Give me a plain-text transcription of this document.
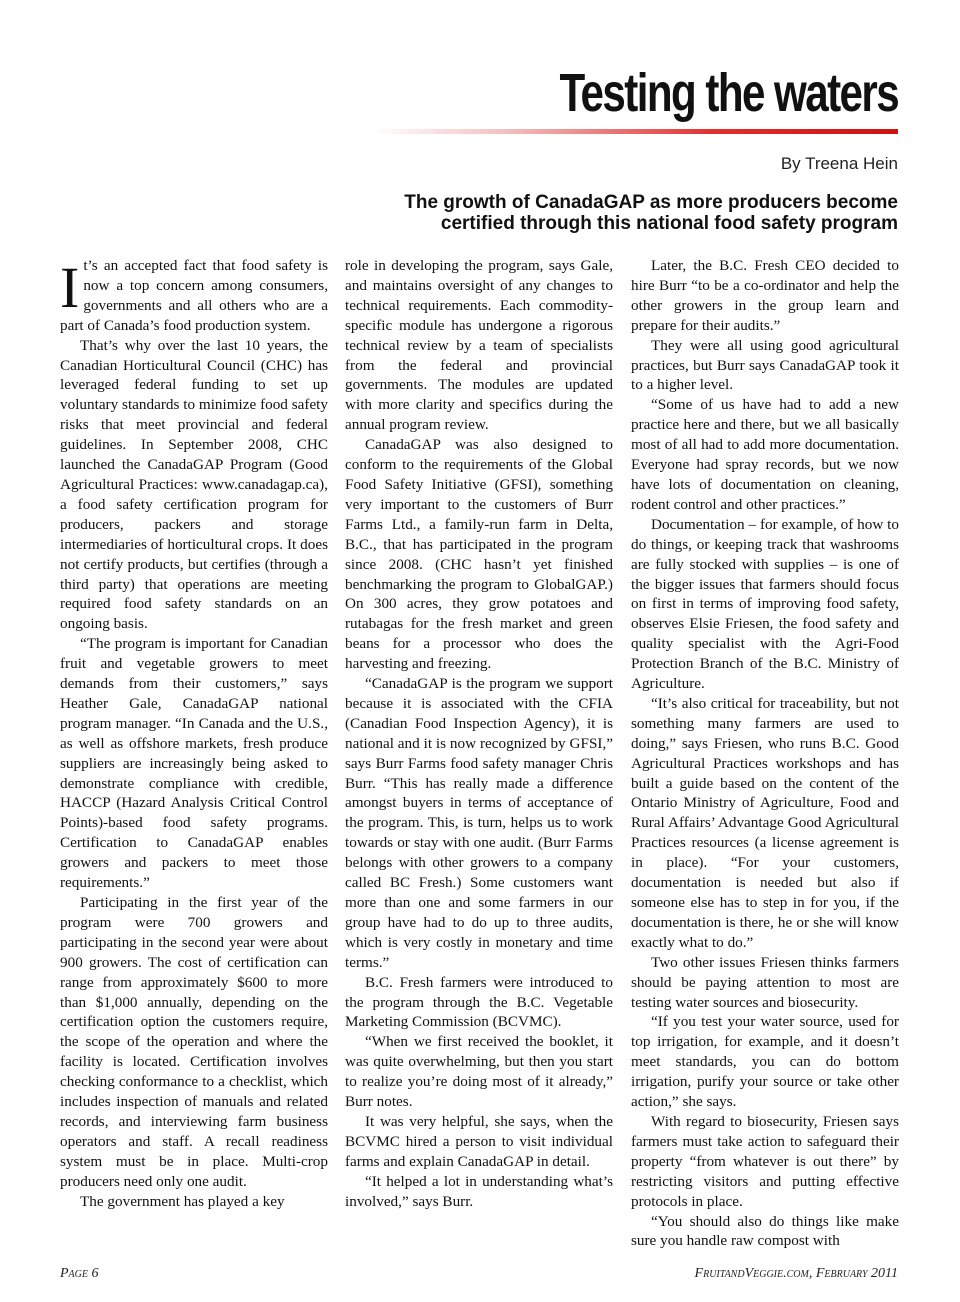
Testing the waters
By Treena Hein
The growth of CanadaGAP as more producers become certified through this national food safety program

It’s an accepted fact that food safety is now a top concern among consumers, governments and all others who are a part of Canada’s food production system.

That’s why over the last 10 years, the Canadian Horticultural Council (CHC) has leveraged federal funding to set up voluntary standards to minimize food safety risks that meet provincial and federal guidelines. In September 2008, CHC launched the CanadaGAP Program (Good Agricultural Practices: www.canadagap.ca), a food safety certification program for producers, packers and storage intermediaries of horticultural crops. It does not certify products, but certifies (through a third party) that operations are meeting required food safety standards on an ongoing basis.

“The program is important for Canadian fruit and vegetable growers to meet demands from their customers,” says Heather Gale, CanadaGAP national program manager. “In Canada and the U.S., as well as offshore markets, fresh produce suppliers are increasingly being asked to demonstrate compliance with credible, HACCP (Hazard Analysis Critical Control Points)-based food safety programs. Certification to CanadaGAP enables growers and packers to meet those requirements.”

Participating in the first year of the program were 700 growers and participating in the second year were about 900 growers. The cost of certification can range from approximately $600 to more than $1,000 annually, depending on the certification option the customers require, the scope of the operation and where the facility is located. Certification involves checking conformance to a checklist, which includes inspection of manuals and related records, and interviewing farm business operators and staff. A recall readiness system must be in place. Multi-crop producers need only one audit.

The government has played a key

role in developing the program, says Gale, and maintains oversight of any changes to technical requirements. Each commodity-specific module has undergone a rigorous technical review by a team of specialists from the federal and provincial governments. The modules are updated with more clarity and specifics during the annual program review.

CanadaGAP was also designed to conform to the requirements of the Global Food Safety Initiative (GFSI), something very important to the customers of Burr Farms Ltd., a family-run farm in Delta, B.C., that has participated in the program since 2008. (CHC hasn’t yet finished benchmarking the program to GlobalGAP.) On 300 acres, they grow potatoes and rutabagas for the fresh market and green beans for a processor who does the harvesting and freezing.

“CanadaGAP is the program we support because it is associated with the CFIA (Canadian Food Inspection Agency), it is national and it is now recognized by GFSI,” says Burr Farms food safety manager Chris Burr. “This has really made a difference amongst buyers in terms of acceptance of the program. This, is turn, helps us to work towards or stay with one audit. (Burr Farms belongs with other growers to a company called BC Fresh.) Some customers want more than one and some farmers in our group have had to do up to three audits, which is very costly in monetary and time terms.”

B.C. Fresh farmers were introduced to the program through the B.C. Vegetable Marketing Commission (BCVMC).

“When we first received the booklet, it was quite overwhelming, but then you start to realize you’re doing most of it already,” Burr notes.

It was very helpful, she says, when the BCVMC hired a person to visit individual farms and explain CanadaGAP in detail.

“It helped a lot in understanding what’s involved,” says Burr.

Later, the B.C. Fresh CEO decided to hire Burr “to be a co-ordinator and help the other growers in the group learn and prepare for their audits.”

They were all using good agricultural practices, but Burr says CanadaGAP took it to a higher level.

“Some of us have had to add a new practice here and there, but we all basically most of all had to add more documentation. Everyone had spray records, but we now have lots of documentation on cleaning, rodent control and other practices.”

Documentation – for example, of how to do things, or keeping track that washrooms are fully stocked with supplies – is one of the bigger issues that farmers should focus on first in terms of improving food safety, observes Elsie Friesen, the food safety and quality specialist with the Agri-Food Protection Branch of the B.C. Ministry of Agriculture.

“It’s also critical for traceability, but not something many farmers are used to doing,” says Friesen, who runs B.C. Good Agricultural Practices workshops and has built a guide based on the content of the Ontario Ministry of Agriculture, Food and Rural Affairs’ Advantage Good Agricultural Practices resources (a license agreement is in place). “For your customers, documentation is needed but also if someone else has to step in for you, if the documentation is there, he or she will know exactly what to do.”

Two other issues Friesen thinks farmers should be paying attention to most are testing water sources and biosecurity.

“If you test your water source, used for top irrigation, for example, and it doesn’t meet standards, you can do bottom irrigation, purify your source or take other action,” she says.

With regard to biosecurity, Friesen says farmers must take action to safeguard their property “from whatever is out there” by restricting visitors and putting effective protocols in place.

“You should also do things like make sure you handle raw compost with

Page 6	FruitandVeggie.com, February 2011
